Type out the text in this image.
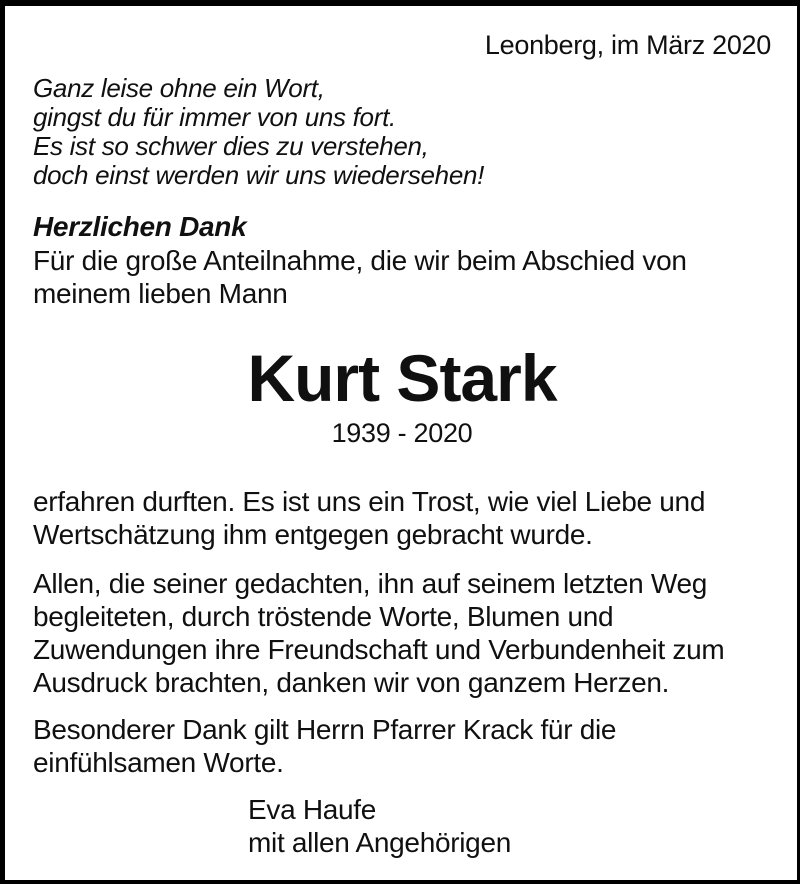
Leonberg, im März 2020
Ganz leise ohne ein Wort,
gingst du für immer von uns fort.
Es ist so schwer dies zu verstehen,
doch einst werden wir uns wiedersehen!
Herzlichen Dank
Für die große Anteilnahme, die wir beim Abschied von
meinem lieben Mann
Kurt Stark
1939 - 2020
erfahren durften. Es ist uns ein Trost, wie viel Liebe und
Wertschätzung ihm entgegen gebracht wurde.
Allen, die seiner gedachten, ihn auf seinem letzten Weg
begleiteten, durch tröstende Worte, Blumen und
Zuwendungen ihre Freundschaft und Verbundenheit zum
Ausdruck brachten, danken wir von ganzem Herzen.
Besonderer Dank gilt Herrn Pfarrer Krack für die
einfühlsamen Worte.
Eva Haufe
mit allen Angehörigen
